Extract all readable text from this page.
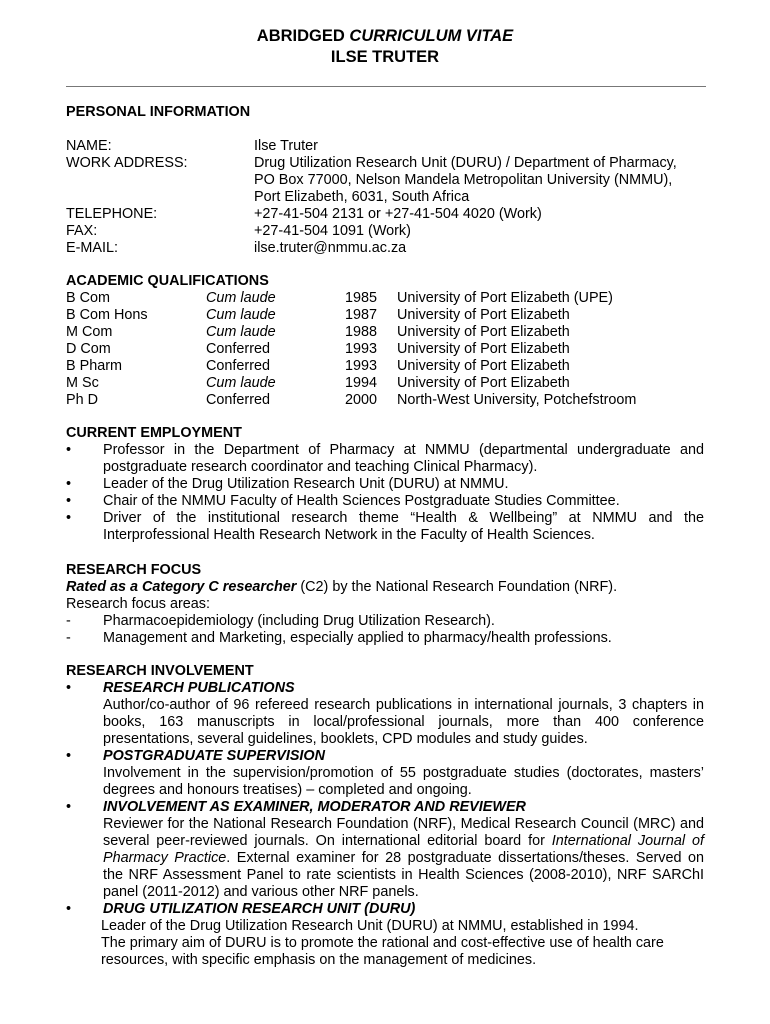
ABRIDGED CURRICULUM VITAE
ILSE TRUTER
PERSONAL INFORMATION
NAME:	Ilse Truter
WORK ADDRESS:	Drug Utilization Research Unit (DURU) / Department of Pharmacy,
PO Box 77000, Nelson Mandela Metropolitan University (NMMU),
Port Elizabeth, 6031, South Africa
TELEPHONE:	+27-41-504 2131 or +27-41-504 4020 (Work)
FAX:	+27-41-504 1091 (Work)
E-MAIL:	ilse.truter@nmmu.ac.za
ACADEMIC QUALIFICATIONS
B Com	Cum laude	1985 University of Port Elizabeth (UPE)
B Com Hons	Cum laude	1987 University of Port Elizabeth
M Com	Cum laude	1988 University of Port Elizabeth
D Com	Conferred	1993 University of Port Elizabeth
B Pharm	Conferred	1993 University of Port Elizabeth
M Sc	Cum laude	1994 University of Port Elizabeth
Ph D	Conferred	2000 North-West University, Potchefstroom
CURRENT EMPLOYMENT
•	Professor in the Department of Pharmacy at NMMU (departmental undergraduate and postgraduate research coordinator and teaching Clinical Pharmacy).
•	Leader of the Drug Utilization Research Unit (DURU) at NMMU.
•	Chair of the NMMU Faculty of Health Sciences Postgraduate Studies Committee.
•	Driver of the institutional research theme “Health & Wellbeing” at NMMU and the Interprofessional Health Research Network in the Faculty of Health Sciences.
RESEARCH FOCUS
Rated as a Category C researcher (C2) by the National Research Foundation (NRF).
Research focus areas:
- Pharmacoepidemiology (including Drug Utilization Research).
- Management and Marketing, especially applied to pharmacy/health professions.
RESEARCH INVOLVEMENT
•	RESEARCH PUBLICATIONS
Author/co-author of 96 refereed research publications in international journals, 3 chapters in books, 163 manuscripts in local/professional journals, more than 400 conference presentations, several guidelines, booklets, CPD modules and study guides.
•	POSTGRADUATE SUPERVISION
Involvement in the supervision/promotion of 55 postgraduate studies (doctorates, masters’ degrees and honours treatises) – completed and ongoing.
•	INVOLVEMENT AS EXAMINER, MODERATOR AND REVIEWER
Reviewer for the National Research Foundation (NRF), Medical Research Council (MRC) and several peer-reviewed journals. On international editorial board for International Journal of Pharmacy Practice. External examiner for 28 postgraduate dissertations/theses. Served on the NRF Assessment Panel to rate scientists in Health Sciences (2008-2010), NRF SARChI panel (2011-2012) and various other NRF panels.
•	DRUG UTILIZATION RESEARCH UNIT (DURU)
Leader of the Drug Utilization Research Unit (DURU) at NMMU, established in 1994.
The primary aim of DURU is to promote the rational and cost-effective use of health care
resources, with specific emphasis on the management of medicines.
